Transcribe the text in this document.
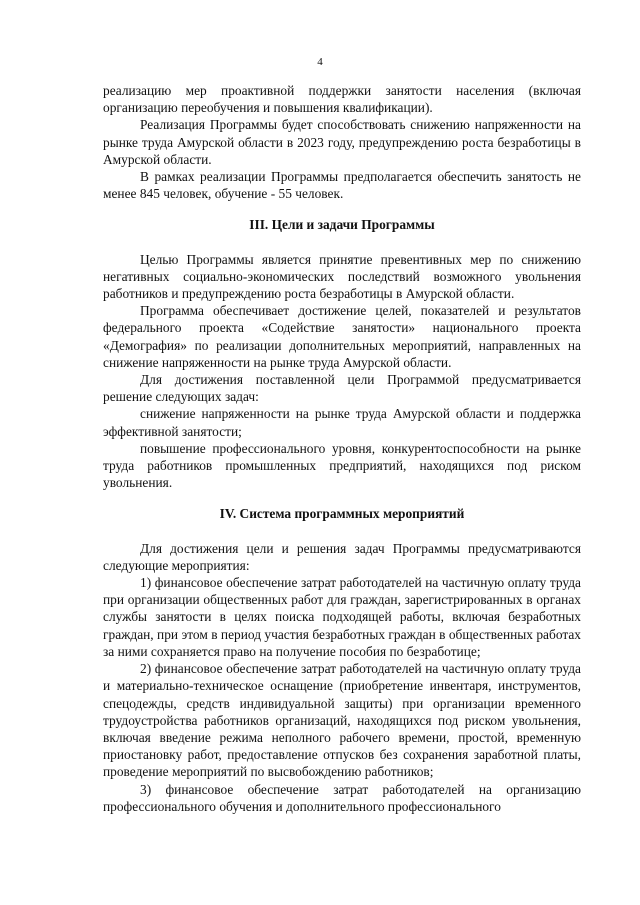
4

реализацию мер проактивной поддержки занятости населения (включая организацию переобучения и повышения квалификации).

Реализация Программы будет способствовать снижению напряженности на рынке труда Амурской области в 2023 году, предупреждению роста безработицы в Амурской области.

В рамках реализации Программы предполагается обеспечить занятость не менее 845 человек, обучение - 55 человек.

III. Цели и задачи Программы

Целью Программы является принятие превентивных мер по снижению негативных социально-экономических последствий возможного увольнения работников и предупреждению роста безработицы в Амурской области.

Программа обеспечивает достижение целей, показателей и результатов федерального проекта «Содействие занятости» национального проекта «Демография» по реализации дополнительных мероприятий, направленных на снижение напряженности на рынке труда Амурской области.

Для достижения поставленной цели Программой предусматривается решение следующих задач:

снижение напряженности на рынке труда Амурской области и поддержка эффективной занятости;

повышение профессионального уровня, конкурентоспособности на рынке труда работников промышленных предприятий, находящихся под риском увольнения.

IV. Система программных мероприятий

Для достижения цели и решения задач Программы предусматриваются следующие мероприятия:

1) финансовое обеспечение затрат работодателей на частичную оплату труда при организации общественных работ для граждан, зарегистрированных в органах службы занятости в целях поиска подходящей работы, включая безработных граждан, при этом в период участия безработных граждан в общественных работах за ними сохраняется право на получение пособия по безработице;

2) финансовое обеспечение затрат работодателей на частичную оплату труда и материально-техническое оснащение (приобретение инвентаря, инструментов, спецодежды, средств индивидуальной защиты) при организации временного трудоустройства работников организаций, находящихся под риском увольнения, включая введение режима неполного рабочего времени, простой, временную приостановку работ, предоставление отпусков без сохранения заработной платы, проведение мероприятий по высвобождению работников;

3) финансовое обеспечение затрат работодателей на организацию профессионального обучения и дополнительного профессионального
